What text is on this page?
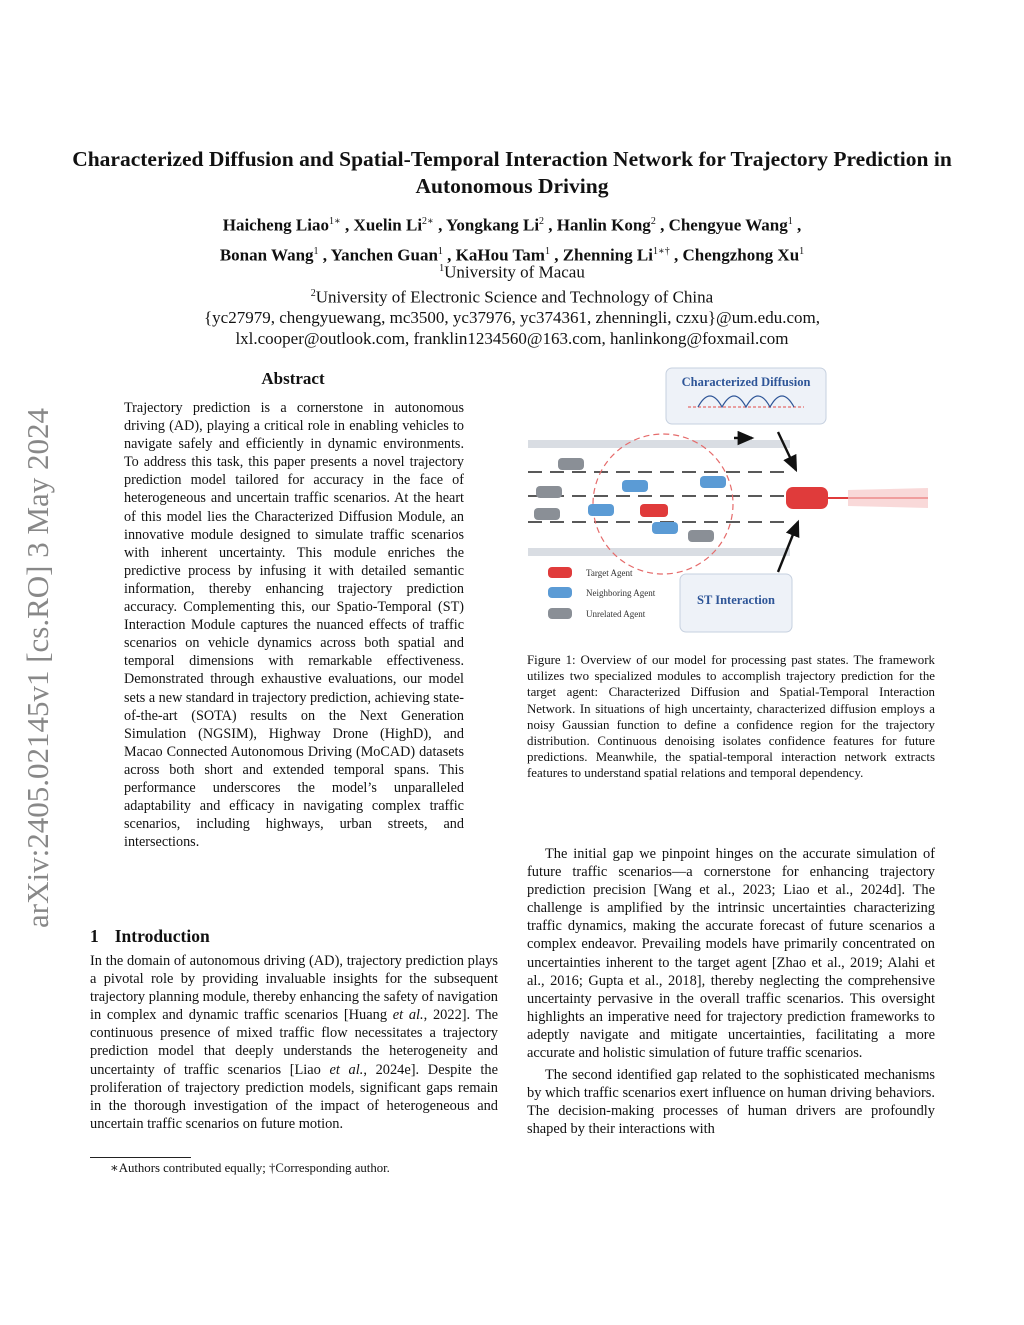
arXiv:2405.02145v1 [cs.RO] 3 May 2024
Characterized Diffusion and Spatial-Temporal Interaction Network for Trajectory Prediction in Autonomous Driving
Haicheng Liao$^{1∗}$ , Xuelin $Li^{2∗}$ , Yongkang Li$^2$ , Hanlin Kong$^2$ , Chengyue Wang$^1$ ,
Bonan Wang$^1$ , Yanchen Guan$^1$ , KaHou Tam$^1$ , Zhenning $Li^{1∗\dagger}$ , Chengzhong Xu$^1$
$^1$University of Macau
$^2$University of Electronic Science and Technology of China
{yc27979, chengyuewang, mc3500, yc37976, yc374361, zhenningli, czxu}@um.edu.com,
lxl.cooper@outlook.com, franklin1234560@163.com, hanlinkong@foxmail.com
Abstract
Trajectory prediction is a cornerstone in autonomous driving (AD), playing a critical role in enabling vehicles to navigate safely and efficiently in dynamic environments. To address this task, this paper presents a novel trajectory prediction model tailored for accuracy in the face of heterogeneous and uncertain traffic scenarios. At the heart of this model lies the Characterized Diffusion Module, an innovative module designed to simulate traffic scenarios with inherent uncertainty. This module enriches the predictive process by infusing it with detailed semantic information, thereby enhancing trajectory prediction accuracy. Complementing this, our Spatio-Temporal (ST) Interaction Module captures the nuanced effects of traffic scenarios on vehicle dynamics across both spatial and temporal dimensions with remarkable effectiveness. Demonstrated through exhaustive evaluations, our model sets a new standard in trajectory prediction, achieving state-of-the-art (SOTA) results on the Next Generation Simulation (NGSIM), Highway Drone (HighD), and Macao Connected Autonomous Driving (MoCAD) datasets across both short and extended temporal spans. This performance underscores the model’s unparalleled adaptability and efficacy in navigating complex traffic scenarios, including highways, urban streets, and intersections.
1 Introduction
In the domain of autonomous driving (AD), trajectory prediction plays a pivotal role by providing invaluable insights for the subsequent trajectory planning module, thereby enhancing the safety of navigation in complex and dynamic traffic scenarios [Huang et al., 2022]. The continuous presence of mixed traffic flow necessitates a trajectory prediction model that deeply understands the heterogeneity and uncertainty of traffic scenarios [Liao et al., 2024e]. Despite the proliferation of trajectory prediction models, significant gaps remain in the thorough investigation of the impact of heterogeneous and uncertain traffic scenarios on future motion.
∗Authors contributed equally; †Corresponding author.
Characterized Diffusion
ST Interaction
Target Agent
Neighboring Agent
Unrelated Agent
Figure 1: Overview of our model for processing past states. The framework utilizes two specialized modules to accomplish trajectory prediction for the target agent: Characterized Diffusion and Spatial-Temporal Interaction Network. In situations of high uncertainty, characterized diffusion employs a noisy Gaussian function to define a confidence region for the trajectory distribution. Continuous denoising isolates confidence features for future predictions. Meanwhile, the spatial-temporal interaction network extracts features to understand spatial relations and temporal dependency.

The initial gap we pinpoint hinges on the accurate simulation of future traffic scenarios—a cornerstone for enhancing trajectory prediction precision [Wang et al., 2023; Liao et al., 2024d]. The challenge is amplified by the intrinsic uncertainties characterizing traffic dynamics, making the accurate forecast of future scenarios a complex endeavor. Prevailing models have primarily concentrated on uncertainties inherent to the target agent [Zhao et al., 2019; Alahi et al., 2016; Gupta et al., 2018], thereby neglecting the comprehensive uncertainty pervasive in the overall traffic scenarios. This oversight highlights an imperative need for trajectory prediction frameworks to adeptly navigate and mitigate uncertainties, facilitating a more accurate and holistic simulation of future traffic scenarios.

The second identified gap related to the sophisticated mechanisms by which traffic scenarios exert influence on human driving behaviors. The decision-making processes of human drivers are profoundly shaped by their interactions with
